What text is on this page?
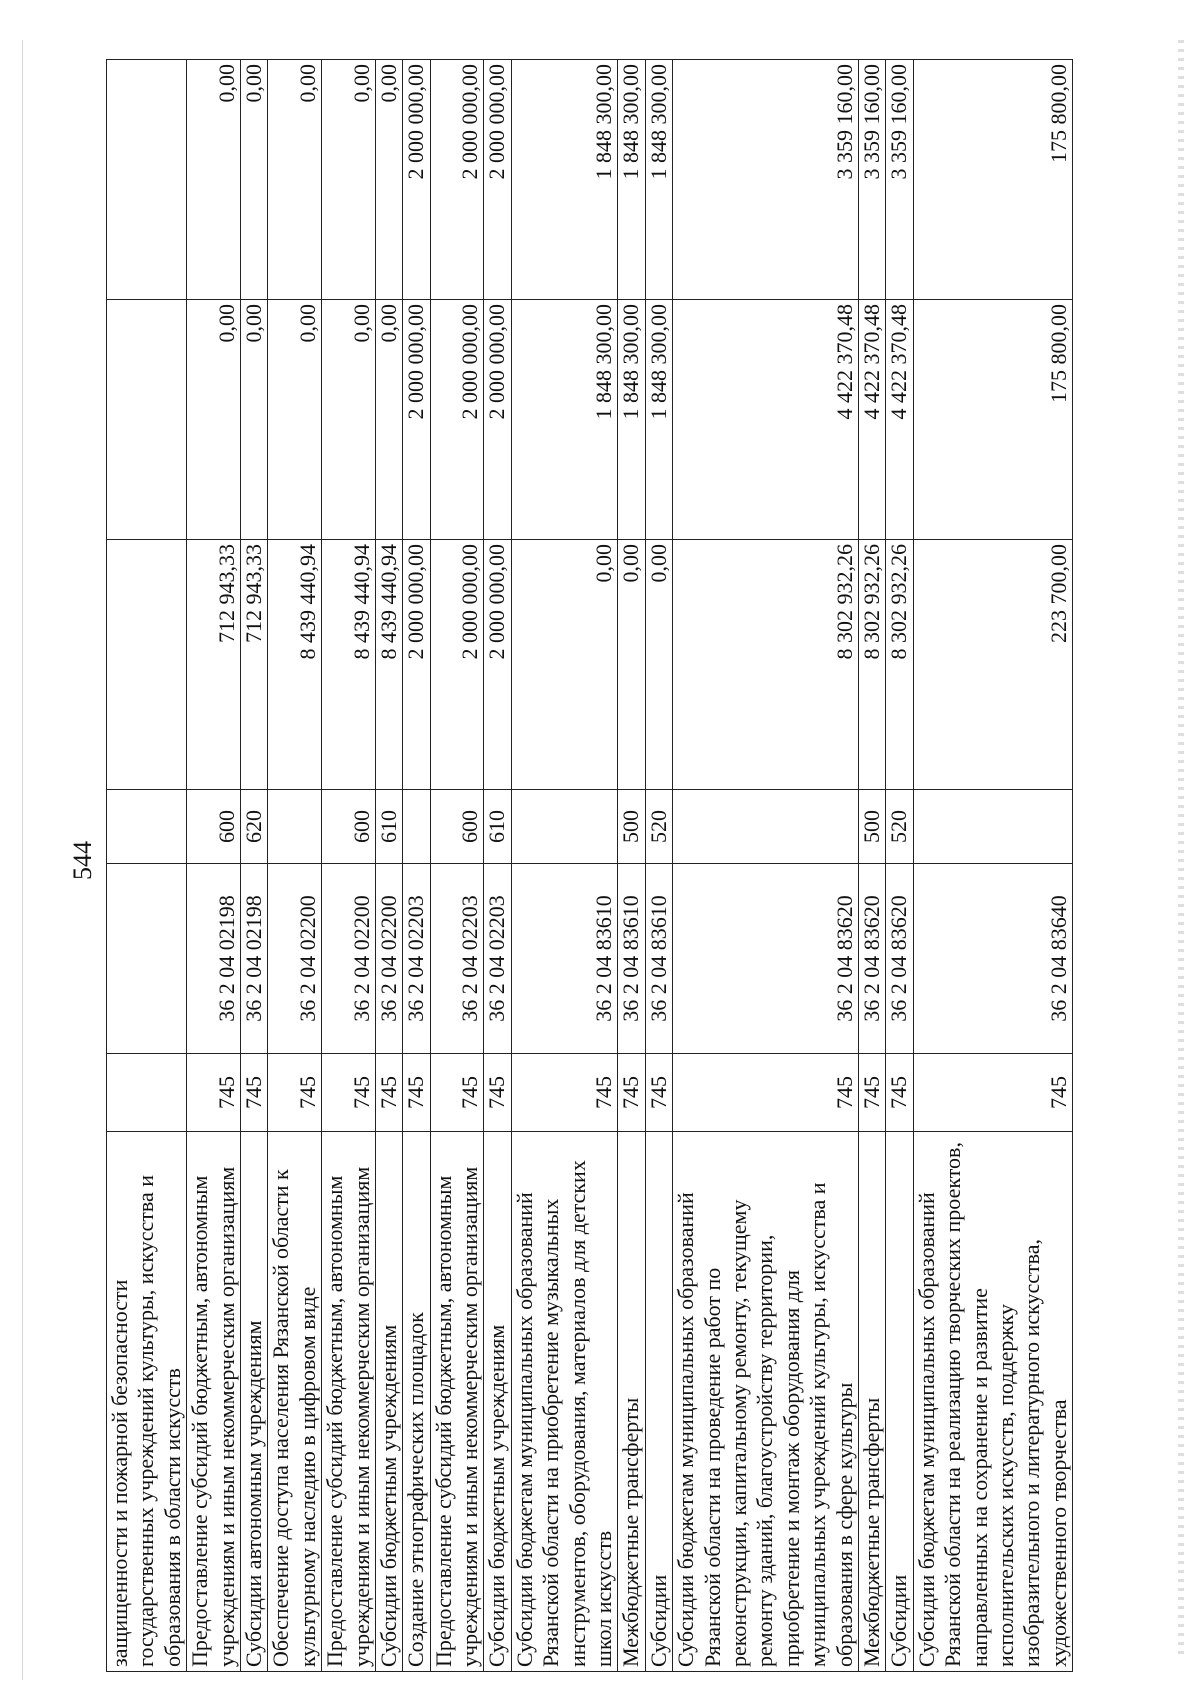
544
защищенности и пожарной безопасности государственных учреждений культуры, искусства и образования в области искусств						
Предоставление субсидий бюджетным, автономным учреждениям и иным некоммерческим организациям	745	36 2 04 02198	600	712 943,33	0,00	0,00
Субсидии автономным учреждениям	745	36 2 04 02198	620	712 943,33	0,00	0,00
Обеспечение доступа населения Рязанской области к культурному наследию в цифровом виде	745	36 2 04 02200		8 439 440,94	0,00	0,00
Предоставление субсидий бюджетным, автономным учреждениям и иным некоммерческим организациям	745	36 2 04 02200	600	8 439 440,94	0,00	0,00
Субсидии бюджетным учреждениям	745	36 2 04 02200	610	8 439 440,94	0,00	0,00
Создание этнографических площадок	745	36 2 04 02203		2 000 000,00	2 000 000,00	2 000 000,00
Предоставление субсидий бюджетным, автономным учреждениям и иным некоммерческим организациям	745	36 2 04 02203	600	2 000 000,00	2 000 000,00	2 000 000,00
Субсидии бюджетным учреждениям	745	36 2 04 02203	610	2 000 000,00	2 000 000,00	2 000 000,00
Субсидии бюджетам муниципальных образований Рязанской области на приобретение музыкальных инструментов, оборудования, материалов для детских школ искусств	745	36 2 04 83610		0,00	1 848 300,00	1 848 300,00
Межбюджетные трансферты	745	36 2 04 83610	500	0,00	1 848 300,00	1 848 300,00
Субсидии	745	36 2 04 83610	520	0,00	1 848 300,00	1 848 300,00
Субсидии бюджетам муниципальных образований Рязанской области на проведение работ по реконструкции, капитальному ремонту, текущему ремонту зданий, благоустройству территории, приобретение и монтаж оборудования для муниципальных учреждений культуры, искусства и образования в сфере культуры	745	36 2 04 83620		8 302 932,26	4 422 370,48	3 359 160,00
Межбюджетные трансферты	745	36 2 04 83620	500	8 302 932,26	4 422 370,48	3 359 160,00
Субсидии	745	36 2 04 83620	520	8 302 932,26	4 422 370,48	3 359 160,00
Субсидии бюджетам муниципальных образований Рязанской области на реализацию творческих проектов, направленных на сохранение и развитие исполнительских искусств, поддержку изобразительного и литературного искусства, художественного творчества	745	36 2 04 83640		223 700,00	175 800,00	175 800,00
